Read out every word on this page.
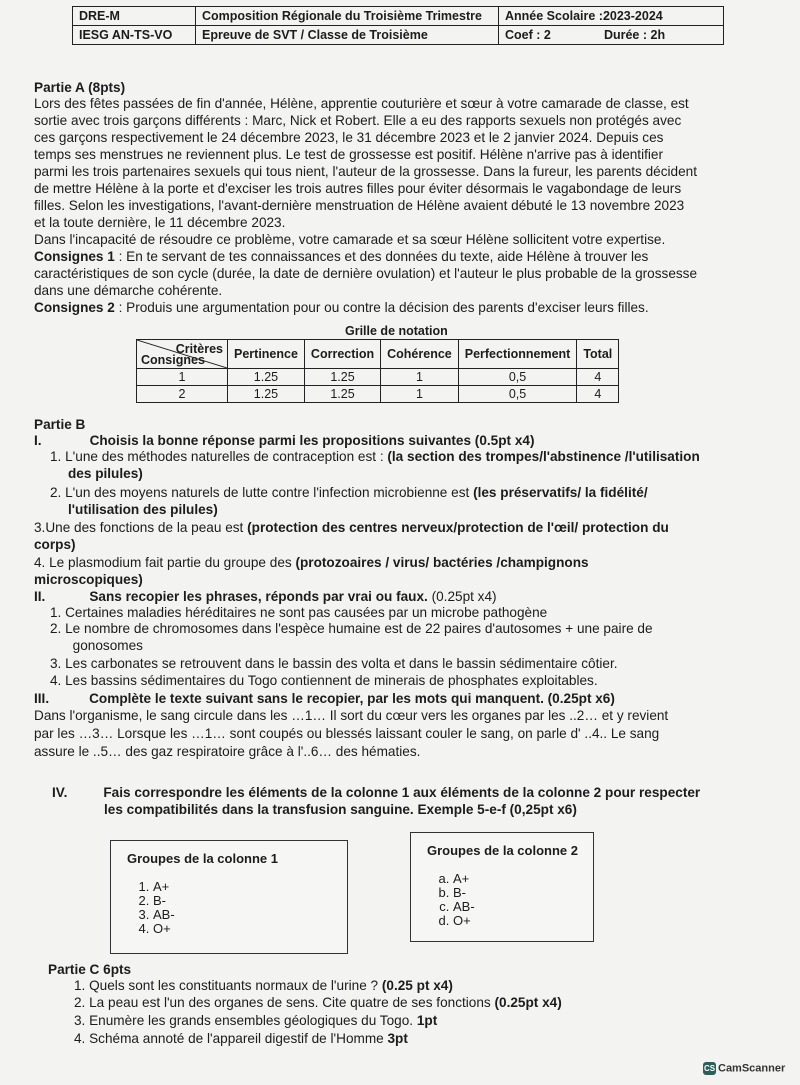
DRE-M	Composition Régionale du Troisième Trimestre	Année Scolaire :2023-2024	
IESG AN-TS-VO	Epreuve de SVT / Classe de Troisième	Coef : 2	Durée : 2h
Partie A (8pts)
Lors des fêtes passées de fin d'année, Hélène, apprentie couturière et sœur à votre camarade de classe, est
sortie avec trois garçons différents : Marc, Nick et Robert. Elle a eu des rapports sexuels non protégés avec
ces garçons respectivement le 24 décembre 2023, le 31 décembre 2023 et le 2 janvier 2024. Depuis ces
temps ses menstrues ne reviennent plus. Le test de grossesse est positif. Hélène n'arrive pas à identifier
parmi les trois partenaires sexuels qui tous nient, l'auteur de la grossesse. Dans la fureur, les parents décident
de mettre Hélène à la porte et d'exciser les trois autres filles pour éviter désormais le vagabondage de leurs
filles. Selon les investigations, l'avant-dernière menstruation de Hélène avaient débuté le 13 novembre 2023
et la toute dernière, le 11 décembre 2023.
Dans l'incapacité de résoudre ce problème, votre camarade et sa sœur Hélène sollicitent votre expertise.
Consignes 1 : En te servant de tes connaissances et des données du texte, aide Hélène à trouver les
caractéristiques de son cycle (durée, la date de dernière ovulation) et l'auteur le plus probable de la grossesse
dans une démarche cohérente.
Consignes 2 : Produis une argumentation pour ou contre la décision des parents d'exciser leurs filles.
Grille de notation
Critères
Consignes	Pertinence	Correction	Cohérence	Perfectionnement	Total
1	1.25	1.25	1	0,5	4
2	1.25	1.25	1	0,5	4
Partie B
I.	Choisis la bonne réponse parmi les propositions suivantes (0.5pt x4)
1. L'une des méthodes naturelles de contraception est : (la section des trompes/l'abstinence /l'utilisation
des pilules)
2. L'un des moyens naturels de lutte contre l'infection microbienne est (les préservatifs/ la fidélité/
l'utilisation des pilules)
3.Une des fonctions de la peau est (protection des centres nerveux/protection de l'œil/ protection du
corps)
4. Le plasmodium fait partie du groupe des (protozoaires / virus/ bactéries /champignons
microscopiques)
II.	Sans recopier les phrases, réponds par vrai ou faux. (0.25pt x4)
1. Certaines maladies héréditaires ne sont pas causées par un microbe pathogène
2. Le nombre de chromosomes dans l'espèce humaine est de 22 paires d'autosomes + une paire de
gonosomes
3. Les carbonates se retrouvent dans le bassin des volta et dans le bassin sédimentaire côtier.
4. Les bassins sédimentaires du Togo contiennent de minerais de phosphates exploitables.
III.	Complète le texte suivant sans le recopier, par les mots qui manquent. (0.25pt x6)
Dans l'organisme, le sang circule dans les …1… Il sort du cœur vers les organes par les ..2… et y revient
par les …3… Lorsque les …1… sont coupés ou blessés laissant couler le sang, on parle d' ..4.. Le sang
assure le ..5… des gaz respiratoire grâce à l'..6… des hématies.
IV.	Fais correspondre les éléments de la colonne 1 aux éléments de la colonne 2 pour respecter
les compatibilités dans la transfusion sanguine. Exemple 5-e-f (0,25pt x6)
Groupes de la colonne 1
1. A+
2. B-
3. AB-
4. O+
Groupes de la colonne 2
a. A+
b. B-
c. AB-
d. O+
Partie C 6pts
1. Quels sont les constituants normaux de l'urine ? (0.25 pt x4)
2. La peau est l'un des organes de sens. Cite quatre de ses fonctions (0.25pt x4)
3. Enumère les grands ensembles géologiques du Togo. 1pt
4. Schéma annoté de l'appareil digestif de l'Homme 3pt
CS CamScanner
